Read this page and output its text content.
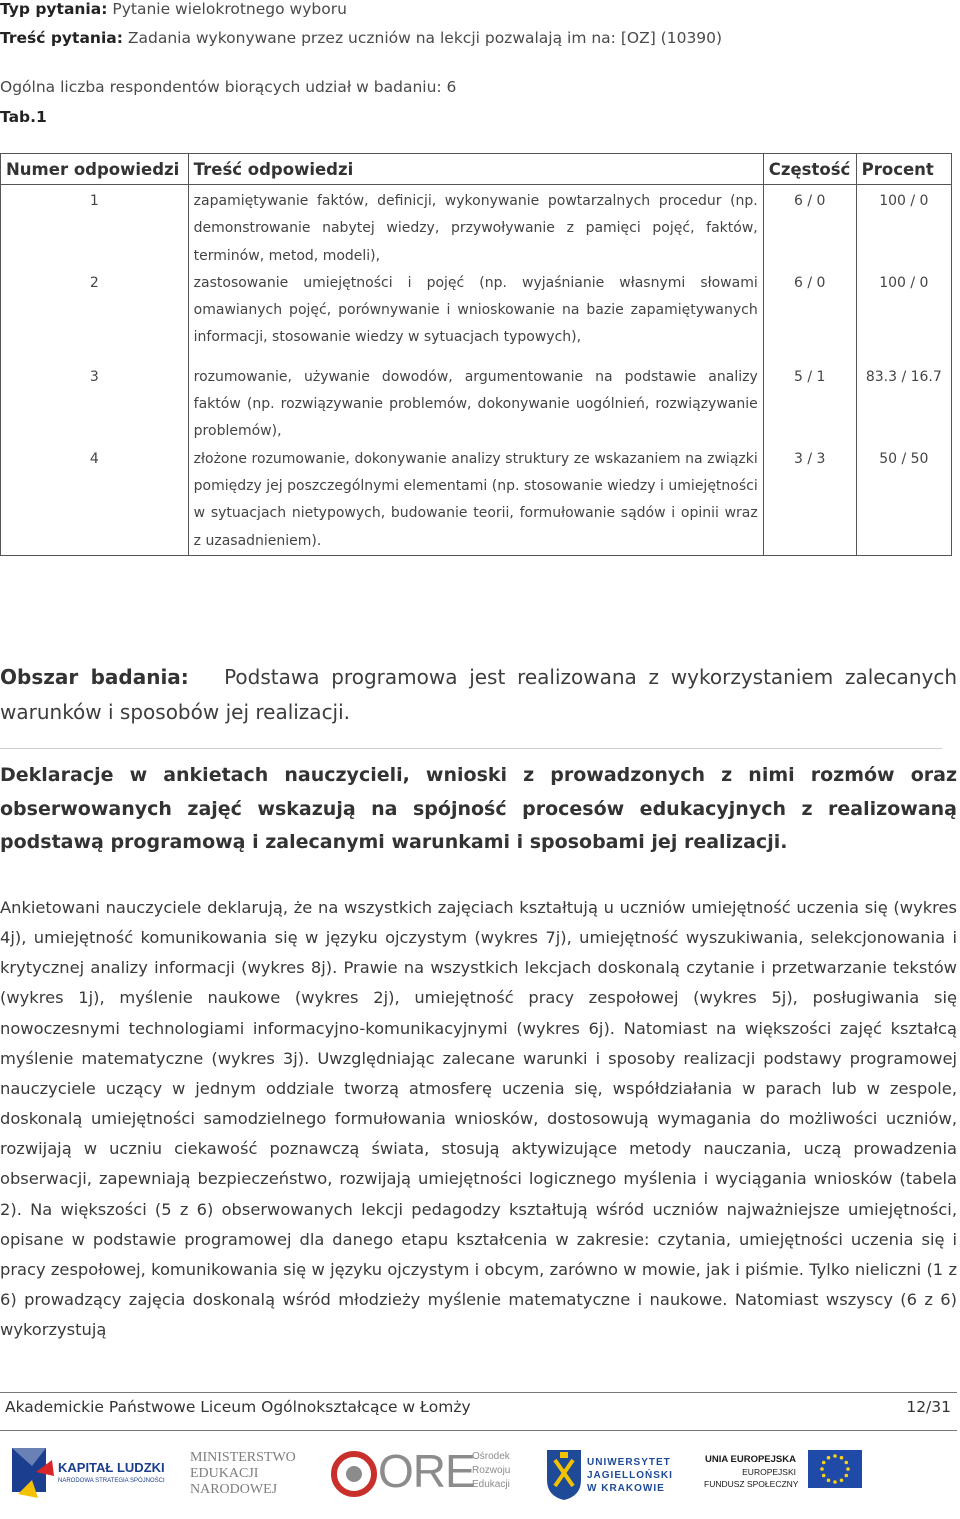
Typ pytania: Pytanie wielokrotnego wyboru
Treść pytania: Zadania wykonywane przez uczniów na lekcji pozwalają im na: [OZ] (10390)
Ogólna liczba respondentów biorących udział w badaniu: 6
Tab.1
Numer odpowiedzi	Treść odpowiedzi	Częstość	Procent
1	zapamiętywanie faktów, definicji, wykonywanie powtarzalnych procedur (np. demonstrowanie nabytej wiedzy, przywoływanie z pamięci pojęć, faktów, terminów, metod, modeli),	6 / 0	100 / 0
2	zastosowanie umiejętności i pojęć (np. wyjaśnianie własnymi słowami omawianych pojęć, porównywanie i wnioskowanie na bazie zapamiętywanych informacji, stosowanie wiedzy w sytuacjach typowych),	6 / 0	100 / 0
3	rozumowanie, używanie dowodów, argumentowanie na podstawie analizy faktów (np. rozwiązywanie problemów, dokonywanie uogólnień, rozwiązywanie problemów),	5 / 1	83.3 / 16.7
4	złożone rozumowanie, dokonywanie analizy struktury ze wskazaniem na związki pomiędzy jej poszczególnymi elementami (np. stosowanie wiedzy i umiejętności w sytuacjach nietypowych, budowanie teorii, formułowanie sądów i opinii wraz z uzasadnieniem).	3 / 3	50 / 50
Obszar badania: Podstawa programowa jest realizowana z wykorzystaniem zalecanych warunków i sposobów jej realizacji.
Deklaracje w ankietach nauczycieli, wnioski z prowadzonych z nimi rozmów oraz obserwowanych zajęć wskazują na spójność procesów edukacyjnych z realizowaną podstawą programową i zalecanymi warunkami i sposobami jej realizacji.
Ankietowani nauczyciele deklarują, że na wszystkich zajęciach kształtują u uczniów umiejętność uczenia się (wykres 4j), umiejętność komunikowania się w języku ojczystym (wykres 7j), umiejętność wyszukiwania, selekcjonowania i krytycznej analizy informacji (wykres 8j). Prawie na wszystkich lekcjach doskonalą czytanie i przetwarzanie tekstów (wykres 1j), myślenie naukowe (wykres 2j), umiejętność pracy zespołowej (wykres 5j), posługiwania się nowoczesnymi technologiami informacyjno-komunikacyjnymi (wykres 6j). Natomiast na większości zajęć kształcą myślenie matematyczne (wykres 3j). Uwzględniając zalecane warunki i sposoby realizacji podstawy programowej nauczyciele uczący w jednym oddziale tworzą atmosferę uczenia się, współdziałania w parach lub w zespole, doskonalą umiejętności samodzielnego formułowania wniosków, dostosowują wymagania do możliwości uczniów, rozwijają w uczniu ciekawość poznawczą świata, stosują aktywizujące metody nauczania, uczą prowadzenia obserwacji, zapewniają bezpieczeństwo, rozwijają umiejętności logicznego myślenia i wyciągania wniosków (tabela 2). Na większości (5 z 6) obserwowanych lekcji pedagodzy kształtują wśród uczniów najważniejsze umiejętności, opisane w podstawie programowej dla danego etapu kształcenia w zakresie: czytania, umiejętności uczenia się i pracy zespołowej, komunikowania się w języku ojczystym i obcym, zarówno w mowie, jak i piśmie. Tylko nieliczni (1 z 6) prowadzący zajęcia doskonalą wśród młodzieży myślenie matematyczne i naukowe. Natomiast wszyscy (6 z 6) wykorzystują
Akademickie Państwowe Liceum Ogólnokształcące w Łomży	12/31
KAPITAŁ LUDZKI
NARODOWA STRATEGIA SPÓJNOŚCI
MINISTERSTWO
EDUKACJI
NARODOWEJ ORE
Ośrodek
Rozwoju
Edukacji
UNIWERSYTET
JAGIELLOŃSKI
W KRAKOWIE
UNIA EUROPEJSKA
EUROPEJSKI
FUNDUSZ SPOŁECZNY
